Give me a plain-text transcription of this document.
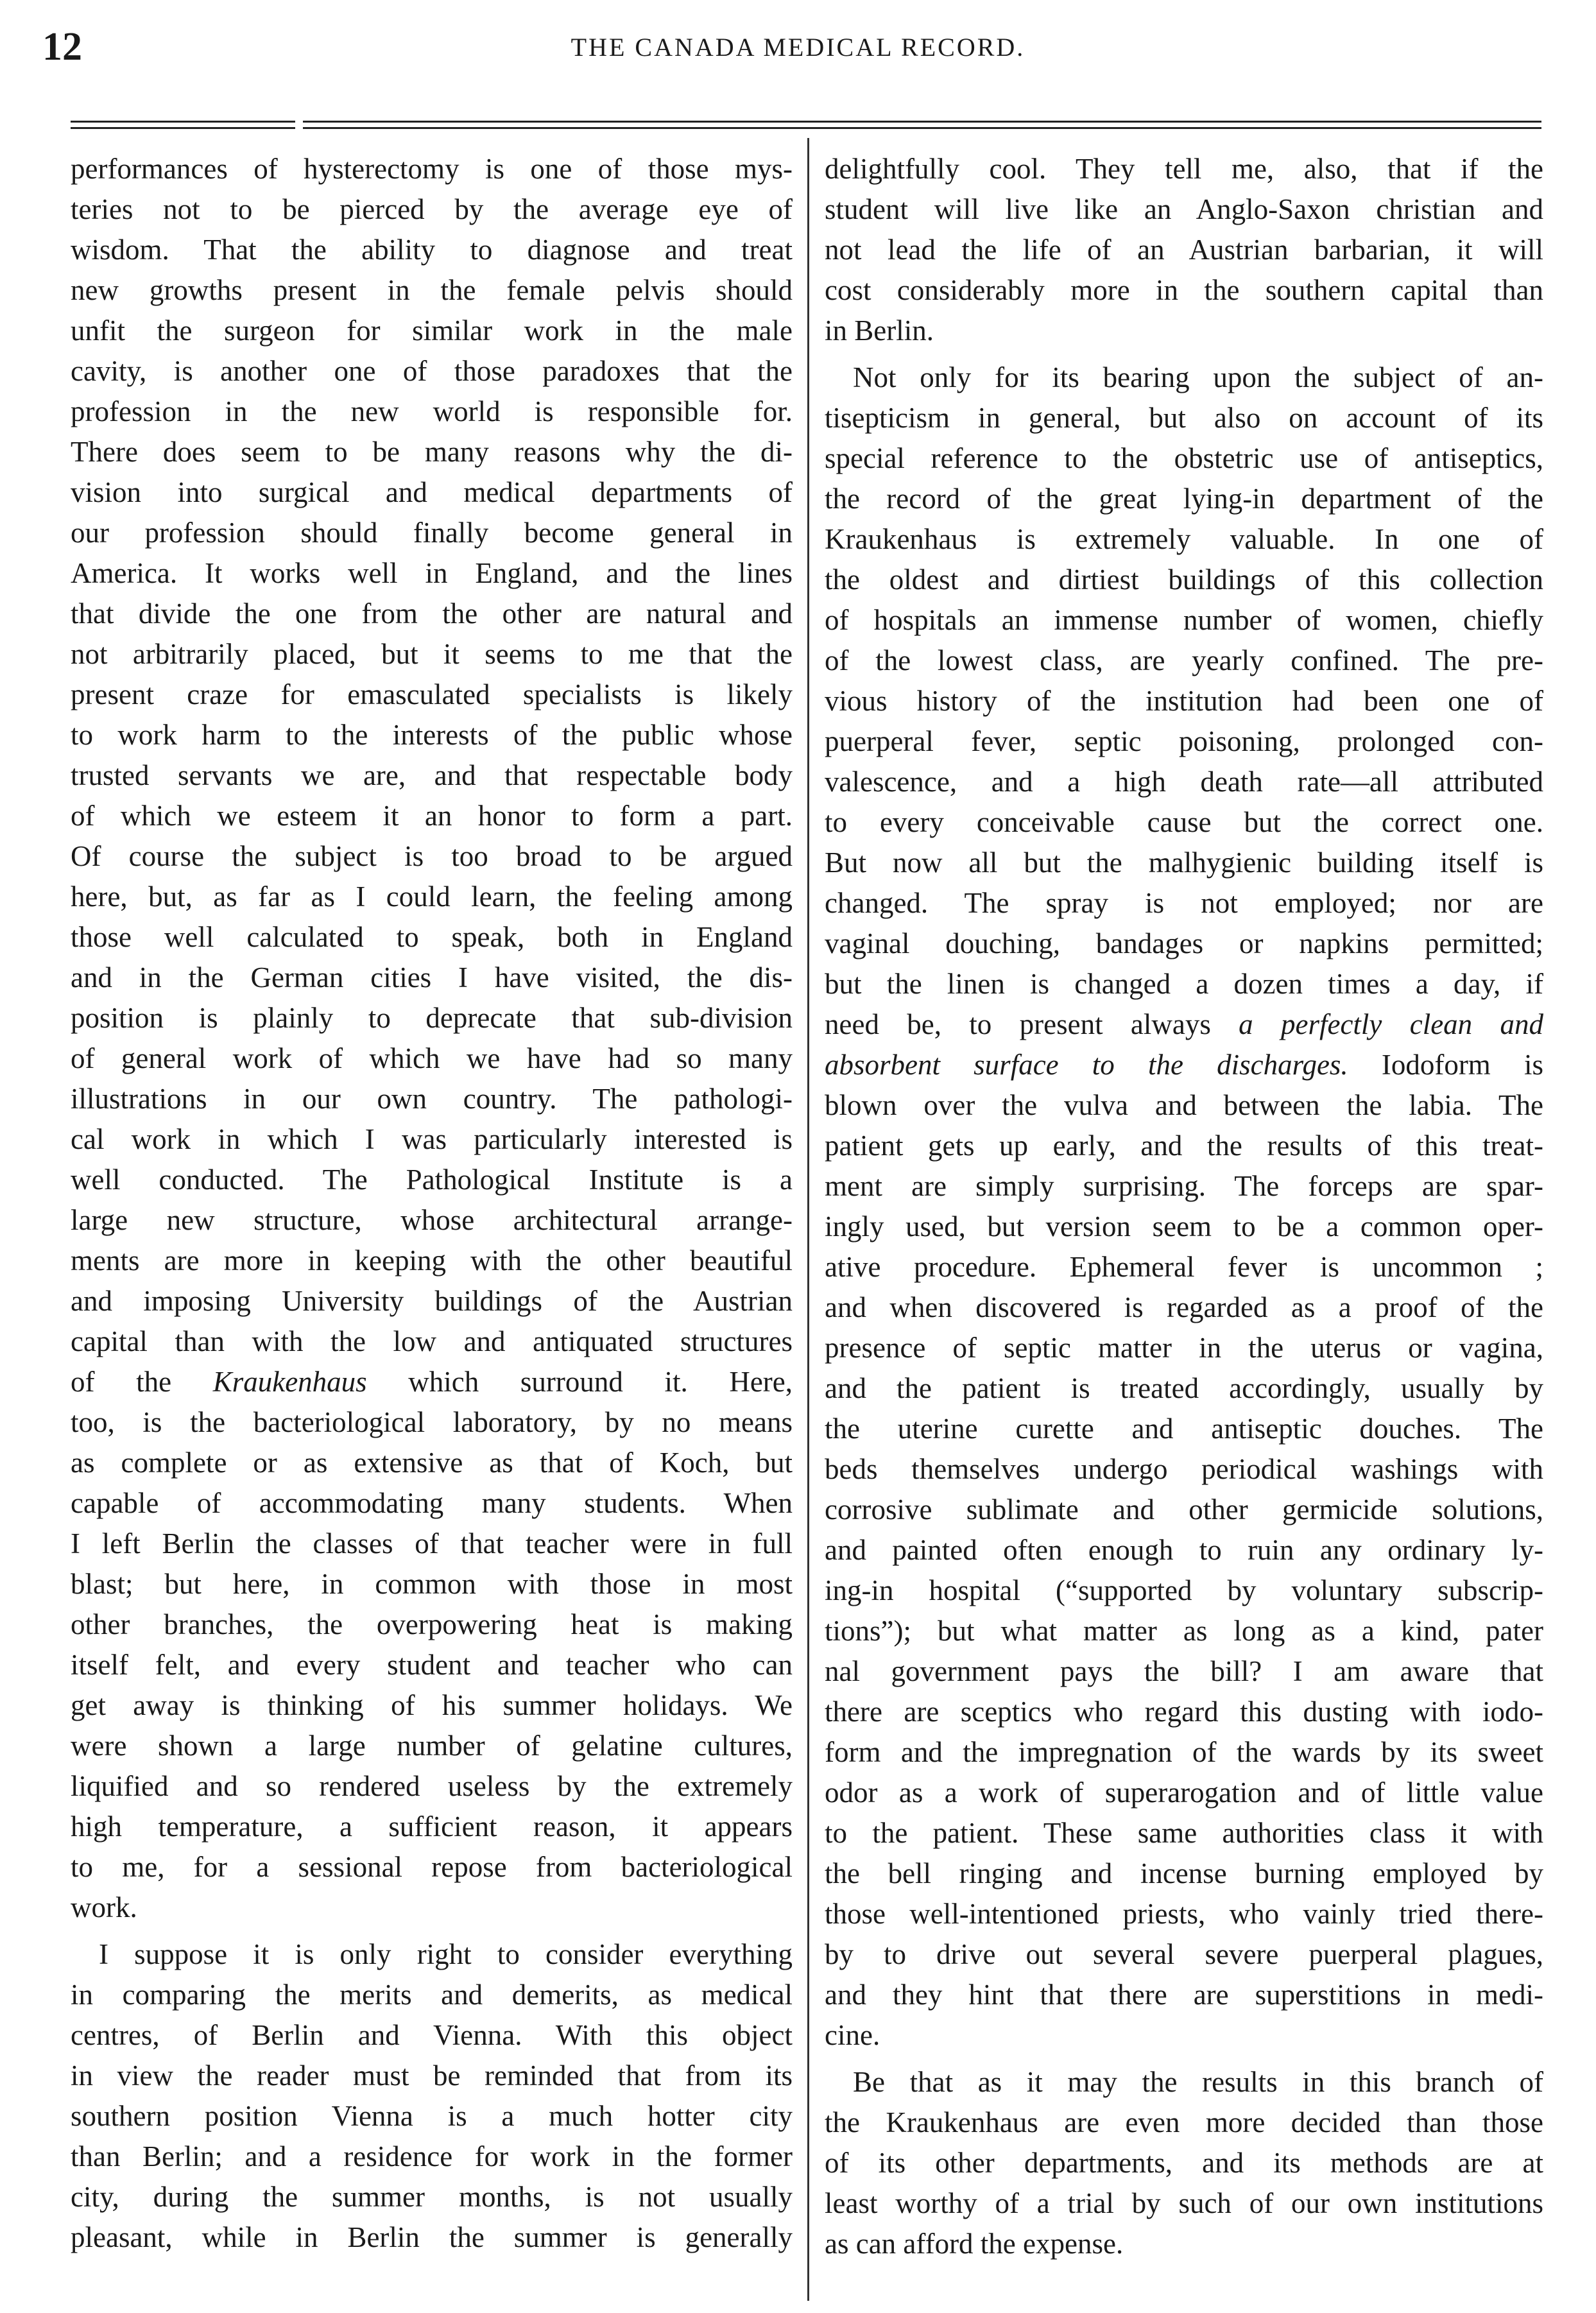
12	THE CANADA MEDICAL RECORD.
performances of hysterectomy is one of those mys-
teries not to be pierced by the average eye of
wisdom. That the ability to diagnose and treat
new growths present in the female pelvis should
unfit the surgeon for similar work in the male
cavity, is another one of those paradoxes that the
profession in the new world is responsible for.
There does seem to be many reasons why the di-
vision into surgical and medical departments of
our profession should finally become general in
America. It works well in England, and the lines
that divide the one from the other are natural and
not arbitrarily placed, but it seems to me that the
present craze for emasculated specialists is likely
to work harm to the interests of the public whose
trusted servants we are, and that respectable body
of which we esteem it an honor to form a part.
Of course the subject is too broad to be argued
here, but, as far as I could learn, the feeling among
those well calculated to speak, both in England
and in the German cities I have visited, the dis-
position is plainly to deprecate that sub-division
of general work of which we have had so many
illustrations in our own country. The pathologi-
cal work in which I was particularly interested is
well conducted. The Pathological Institute is a
large new structure, whose architectural arrange-
ments are more in keeping with the other beautiful
and imposing University buildings of the Austrian
capital than with the low and antiquated structures
of the Kraukenhaus which surround it. Here,
too, is the bacteriological laboratory, by no means
as complete or as extensive as that of Koch, but
capable of accommodating many students. When
I left Berlin the classes of that teacher were in full
blast; but here, in common with those in most
other branches, the overpowering heat is making
itself felt, and every student and teacher who can
get away is thinking of his summer holidays. We
were shown a large number of gelatine cultures,
liquified and so rendered useless by the extremely
high temperature, a sufficient reason, it appears
to me, for a sessional repose from bacteriological
work.
I suppose it is only right to consider everything
in comparing the merits and demerits, as medical
centres, of Berlin and Vienna. With this object
in view the reader must be reminded that from its
southern position Vienna is a much hotter city
than Berlin; and a residence for work in the former
city, during the summer months, is not usually
pleasant, while in Berlin the summer is generally
delightfully cool. They tell me, also, that if the
student will live like an Anglo-Saxon christian and
not lead the life of an Austrian barbarian, it will
cost considerably more in the southern capital than
in Berlin.
Not only for its bearing upon the subject of an-
tisepticism in general, but also on account of its
special reference to the obstetric use of antiseptics,
the record of the great lying-in department of the
Kraukenhaus is extremely valuable. In one of
the oldest and dirtiest buildings of this collection
of hospitals an immense number of women, chiefly
of the lowest class, are yearly confined. The pre-
vious history of the institution had been one of
puerperal fever, septic poisoning, prolonged con-
valescence, and a high death rate—all attributed
to every conceivable cause but the correct one.
But now all but the malhygienic building itself is
changed. The spray is not employed; nor are
vaginal douching, bandages or napkins permitted;
but the linen is changed a dozen times a day, if
need be, to present always a perfectly clean and
absorbent surface to the discharges. Iodoform is
blown over the vulva and between the labia. The
patient gets up early, and the results of this treat-
ment are simply surprising. The forceps are spar-
ingly used, but version seem to be a common oper-
ative procedure. Ephemeral fever is uncommon ;
and when discovered is regarded as a proof of the
presence of septic matter in the uterus or vagina,
and the patient is treated accordingly, usually by
the uterine curette and antiseptic douches. The
beds themselves undergo periodical washings with
corrosive sublimate and other germicide solutions,
and painted often enough to ruin any ordinary ly-
ing-in hospital (“supported by voluntary subscrip-
tions”); but what matter as long as a kind, pater
nal government pays the bill? I am aware that
there are sceptics who regard this dusting with iodo-
form and the impregnation of the wards by its sweet
odor as a work of superarogation and of little value
to the patient. These same authorities class it with
the bell ringing and incense burning employed by
those well-intentioned priests, who vainly tried there-
by to drive out several severe puerperal plagues,
and they hint that there are superstitions in medi-
cine.
Be that as it may the results in this branch of
the Kraukenhaus are even more decided than those
of its other departments, and its methods are at
least worthy of a trial by such of our own institutions
as can afford the expense.
